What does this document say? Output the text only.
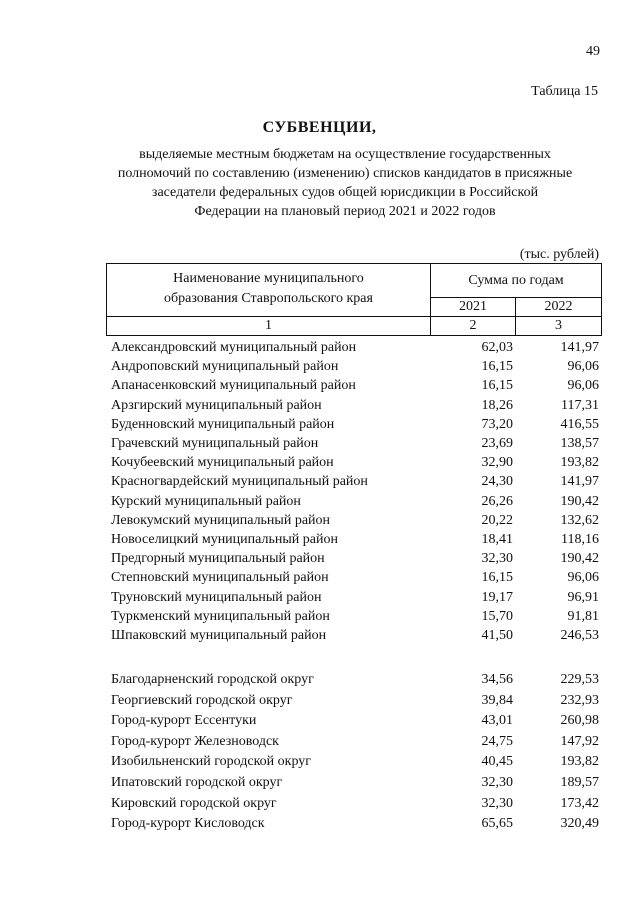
49
Таблица 15
СУБВЕНЦИИ,
выделяемые местным бюджетам на осуществление государственных
полномочий по составлению (изменению) списков кандидатов в присяжные
заседатели федеральных судов общей юрисдикции в Российской
Федерации на плановый период 2021 и 2022 годов
(тыс. рублей)
Наименование муниципального
образования Ставропольского края
Сумма по годам
2021	2022
1	2	3
Александровский муниципальный район	62,03	141,97
Андроповский муниципальный район	16,15	96,06
Апанасенковский муниципальный район	16,15	96,06
Арзгирский муниципальный район	18,26	117,31
Буденновский муниципальный район	73,20	416,55
Грачевский муниципальный район	23,69	138,57
Кочубеевский муниципальный район	32,90	193,82
Красногвардейский муниципальный район	24,30	141,97
Курский муниципальный район	26,26	190,42
Левокумский муниципальный район	20,22	132,62
Новоселицкий муниципальный район	18,41	118,16
Предгорный муниципальный район	32,30	190,42
Степновский муниципальный район	16,15	96,06
Труновский муниципальный район	19,17	96,91
Туркменский муниципальный район	15,70	91,81
Шпаковский муниципальный район	41,50	246,53
Благодарненский городской округ	34,56	229,53
Георгиевский городской округ	39,84	232,93
Город-курорт Ессентуки	43,01	260,98
Город-курорт Железноводск	24,75	147,92
Изобильненский городской округ	40,45	193,82
Ипатовский городской округ	32,30	189,57
Кировский городской округ	32,30	173,42
Город-курорт Кисловодск	65,65	320,49
